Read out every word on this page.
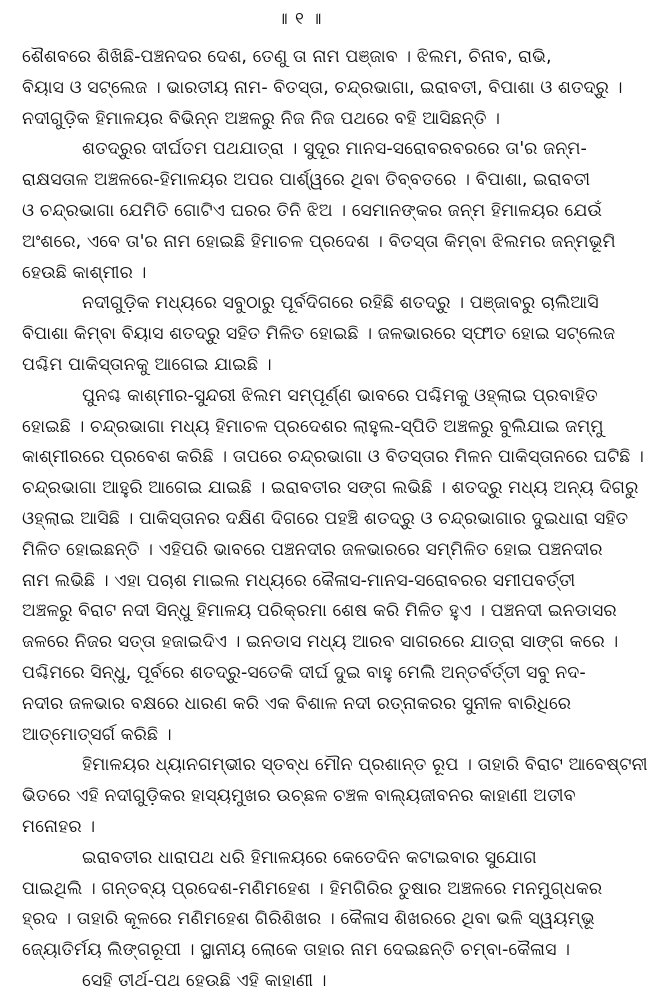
॥ ୧ ॥
ଶୈଶବରେ ଶିଖିଛି-ପଞ୍ଚନଦର ଦେଶ, ତେଣୁ ତା ନାମ ପଞ୍ଜାବ । ଝିଲମ, ଚିନାବ, ରାଭି,
ବିୟାସ ଓ ସଟ୍ଲେଜ । ଭାରତୀୟ ନାମ- ବିତସ୍ତା, ଚନ୍ଦ୍ରଭାଗା, ଇରାବତୀ, ବିପାଶା ଓ ଶତଦ୍ରୁ ।
ନଦୀଗୁଡ଼ିକ ହିମାଳୟର ବିଭିନ୍ନ ଅଞ୍ଚଳରୁ ନିଜ ନିଜ ପଥରେ ବହି ଆସିଛନ୍ତି ।
ଶତଦ୍ରୁର ଦୀର୍ଘତମ ପଥଯାତ୍ରା । ସୁଦୂର ମାନସ-ସରୋବରବରରେ ତା'ର ଜନ୍ମ-
ରାକ୍ଷସତାଳ ଅଞ୍ଚଳରେ-ହିମାଳୟର ଅପର ପାର୍ଶ୍ୱରେ ଥିବା ତିବ୍ବତରେ । ବିପାଶା, ଇରାବତୀ
ଓ ଚନ୍ଦ୍ରଭାଗା ଯେମିତି ଗୋଟିଏ ଘରର ତିନି ଝିଅ । ସେମାନଙ୍କର ଜନ୍ମ ହିମାଳୟର ଯେଉଁ
ଅଂଶରେ, ଏବେ ତା'ର ନାମ ହୋଇଛି ହିମାଚଳ ପ୍ରଦେଶ । ବିତସ୍ତା କିମ୍ବା ଝିଲମର ଜନ୍ମଭୂମି
ହେଉଛି କାଶ୍ମୀର ।
ନଦୀଗୁଡ଼ିକ ମଧ୍ୟରେ ସବୁଠାରୁ ପୂର୍ବଦିଗରେ ରହିଛି ଶତଦ୍ରୁ । ପଞ୍ଜାବରୁ ଚାଲିଆସି
ବିପାଶା କିମ୍ବା ବିୟାସ ଶତଦ୍ରୁ ସହିତ ମିଳିତ ହୋଇଛି । ଜଳଭାରରେ ସ୍ଫୀତ ହୋଇ ସଟ୍ଲେଜ
ପଶ୍ଚିମ ପାକିସ୍ତାନକୁ ଆଗେଇ ଯାଇଛି ।
ପୁନଶ୍ଚ କାଶ୍ମୀର-ସୁନ୍ଦରୀ ଝିଲମ ସମ୍ପୂର୍ଣ୍ଣ ଭାବରେ ପଶ୍ଚିମକୁ ଓହ୍ଲାଇ ପ୍ରବାହିତ
ହୋଇଛି । ଚନ୍ଦ୍ରଭାଗା ମଧ୍ୟ ହିମାଚଳ ପ୍ରଦେଶର ଲାହୁଲ-ସ୍ପିତି ଅଞ୍ଚଳରୁ ବୁଲିଯାଇ ଜମ୍ମୁ
କାଶ୍ମୀରରେ ପ୍ରବେଶ କରିଛି । ତାପରେ ଚନ୍ଦ୍ରଭାଗା ଓ ବିତସ୍ତାର ମିଳନ ପାକିସ୍ତାନରେ ଘଟିଛି ।
ଚନ୍ଦ୍ରଭାଗା ଆହୁରି ଆଗେଇ ଯାଇଛି । ଇରାବତୀର ସଙ୍ଗ ଲଭିଛି । ଶତଦ୍ରୁ ମଧ୍ୟ ଅନ୍ୟ ଦିଗରୁ
ଓହ୍ଲାଇ ଆସିଛି । ପାକିସ୍ତାନର ଦକ୍ଷିଣ ଦିଗରେ ପହଞ୍ଚି ଶତଦ୍ରୁ ଓ ଚନ୍ଦ୍ରଭାଗାର ଦୁଇଧାରା ସହିତ
ମିଳିତ ହୋଇଛନ୍ତି । ଏହିପରି ଭାବରେ ପଞ୍ଚନଦୀର ଜଳଭାରରେ ସମ୍ମିଳିତ ହୋଇ ପଞ୍ଚନଦୀର
ନାମ ଲଭିଛି । ଏହା ପଚାଶ ମାଇଲ ମଧ୍ୟରେ କୈଳାସ-ମାନସ-ସରୋବରର ସମୀପବର୍ତ୍ତୀ
ଅଞ୍ଚଳରୁ ବିରାଟ ନଦୀ ସିନ୍ଧୁ ହିମାଳୟ ପରିକ୍ରମା ଶେଷ କରି ମିଳିତ ହୁଏ । ପଞ୍ଚନଦୀ ଇନଡାସର
ଜଳରେ ନିଜର ସତ୍ତା ହଜାଇଦିଏ । ଇନଡାସ ମଧ୍ୟ ଆରବ ସାଗରରେ ଯାତ୍ରା ସାଙ୍ଗ କରେ ।
ପଶ୍ଚିମରେ ସିନ୍ଧୁ, ପୂର୍ବରେ ଶତଦ୍ରୁ-ସତେକି ଦୀର୍ଘ ଦୁଇ ବାହୁ ମେଲି ଅନ୍ତର୍ବର୍ତ୍ତୀ ସବୁ ନଦ-
ନଦୀର ଜଳଭାର ବକ୍ଷରେ ଧାରଣ କରି ଏକ ବିଶାଳ ନଦୀ ରତ୍ନାକରର ସୁନୀଳ ବାରିଧିରେ
ଆତ୍ମୋତ୍ସର୍ଗ କରିଛି ।
ହିମାଳୟର ଧ୍ୟାନଗମ୍ଭୀର ସ୍ତବ୍ଧ ମୌନ ପ୍ରଶାନ୍ତ ରୂପ । ତାହାରି ବିରାଟ ଆବେଷ୍ଟନୀ
ଭିତରେ ଏହି ନଦୀଗୁଡ଼ିକର ହାସ୍ୟମୁଖର ଉଚ୍ଛଳ ଚଞ୍ଚଳ ବାଲ୍ୟଜୀବନର କାହାଣୀ ଅତୀବ
ମନୋହର ।
ଇରାବତୀର ଧାରାପଥ ଧରି ହିମାଳୟରେ କେତେଦିନ କଟାଇବାର ସୁଯୋଗ
ପାଇଥିଲି । ଗନ୍ତବ୍ୟ ପ୍ରଦେଶ-ମଣିମହେଶ । ହିମଗିରିର ତୁଷାର ଅଞ୍ଚଳରେ ମନମୁଗ୍ଧକର
ହ୍ରଦ । ତାହାରି କୂଳରେ ମଣିମହେଶ ଗିରିଶିଖର । କୈଳାସ ଶିଖରରେ ଥିବା ଭଳି ସ୍ୱୟମ୍ଭୂ
ଜ୍ୟୋତିର୍ମୟ ଲିଙ୍ଗରୂପୀ । ସ୍ଥାନୀୟ ଲୋକେ ତାହାର ନାମ ଦେଇଛନ୍ତି ଚମ୍ବା-କୈଳାସ ।
ସେହି ତୀର୍ଥ-ପଥ ହେଉଛି ଏହି କାହାଣୀ ।
